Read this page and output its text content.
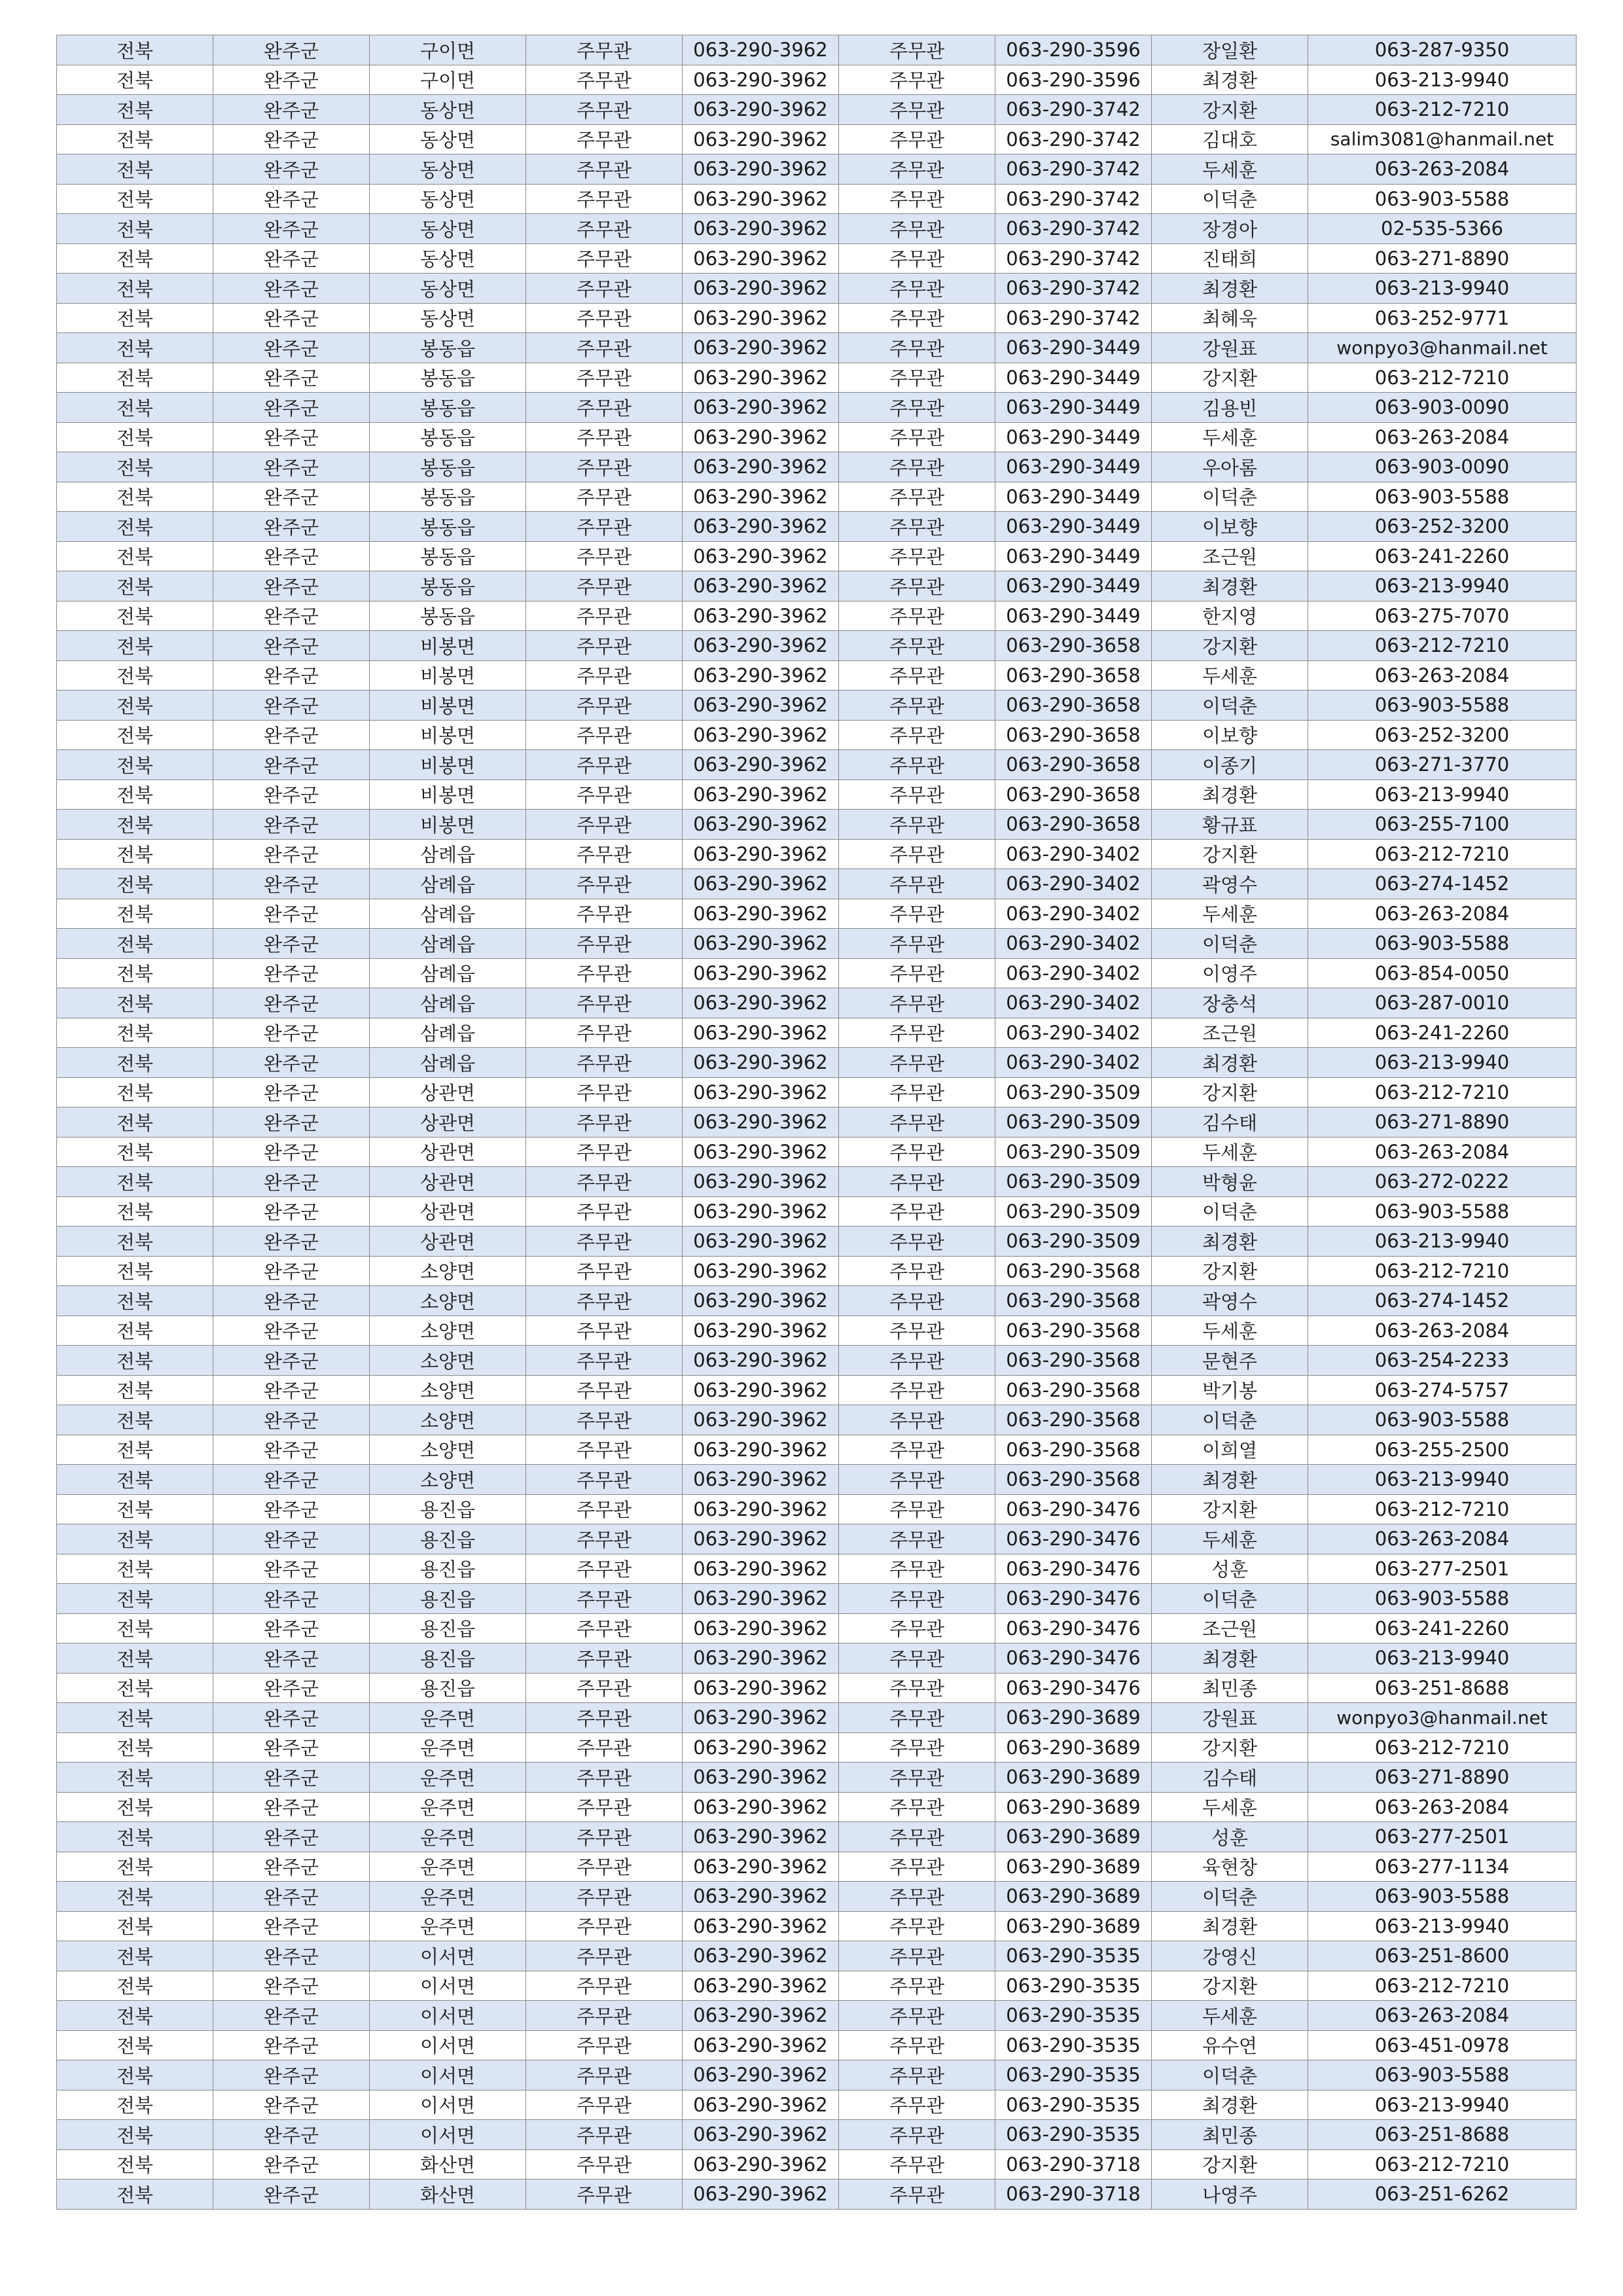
전북	완주군	구이면	주무관	063-290-3962	주무관	063-290-3596	장일환	063-287-9350
전북	완주군	구이면	주무관	063-290-3962	주무관	063-290-3596	최경환	063-213-9940
전북	완주군	동상면	주무관	063-290-3962	주무관	063-290-3742	강지환	063-212-7210
전북	완주군	동상면	주무관	063-290-3962	주무관	063-290-3742	김대호	salim3081@hanmail.net
전북	완주군	동상면	주무관	063-290-3962	주무관	063-290-3742	두세훈	063-263-2084
전북	완주군	동상면	주무관	063-290-3962	주무관	063-290-3742	이덕춘	063-903-5588
전북	완주군	동상면	주무관	063-290-3962	주무관	063-290-3742	장경아	02-535-5366
전북	완주군	동상면	주무관	063-290-3962	주무관	063-290-3742	진태희	063-271-8890
전북	완주군	동상면	주무관	063-290-3962	주무관	063-290-3742	최경환	063-213-9940
전북	완주군	동상면	주무관	063-290-3962	주무관	063-290-3742	최혜욱	063-252-9771
전북	완주군	봉동읍	주무관	063-290-3962	주무관	063-290-3449	강원표	wonpyo3@hanmail.net
전북	완주군	봉동읍	주무관	063-290-3962	주무관	063-290-3449	강지환	063-212-7210
전북	완주군	봉동읍	주무관	063-290-3962	주무관	063-290-3449	김용빈	063-903-0090
전북	완주군	봉동읍	주무관	063-290-3962	주무관	063-290-3449	두세훈	063-263-2084
전북	완주군	봉동읍	주무관	063-290-3962	주무관	063-290-3449	우아롬	063-903-0090
전북	완주군	봉동읍	주무관	063-290-3962	주무관	063-290-3449	이덕춘	063-903-5588
전북	완주군	봉동읍	주무관	063-290-3962	주무관	063-290-3449	이보향	063-252-3200
전북	완주군	봉동읍	주무관	063-290-3962	주무관	063-290-3449	조근원	063-241-2260
전북	완주군	봉동읍	주무관	063-290-3962	주무관	063-290-3449	최경환	063-213-9940
전북	완주군	봉동읍	주무관	063-290-3962	주무관	063-290-3449	한지영	063-275-7070
전북	완주군	비봉면	주무관	063-290-3962	주무관	063-290-3658	강지환	063-212-7210
전북	완주군	비봉면	주무관	063-290-3962	주무관	063-290-3658	두세훈	063-263-2084
전북	완주군	비봉면	주무관	063-290-3962	주무관	063-290-3658	이덕춘	063-903-5588
전북	완주군	비봉면	주무관	063-290-3962	주무관	063-290-3658	이보향	063-252-3200
전북	완주군	비봉면	주무관	063-290-3962	주무관	063-290-3658	이종기	063-271-3770
전북	완주군	비봉면	주무관	063-290-3962	주무관	063-290-3658	최경환	063-213-9940
전북	완주군	비봉면	주무관	063-290-3962	주무관	063-290-3658	황규표	063-255-7100
전북	완주군	삼례읍	주무관	063-290-3962	주무관	063-290-3402	강지환	063-212-7210
전북	완주군	삼례읍	주무관	063-290-3962	주무관	063-290-3402	곽영수	063-274-1452
전북	완주군	삼례읍	주무관	063-290-3962	주무관	063-290-3402	두세훈	063-263-2084
전북	완주군	삼례읍	주무관	063-290-3962	주무관	063-290-3402	이덕춘	063-903-5588
전북	완주군	삼례읍	주무관	063-290-3962	주무관	063-290-3402	이영주	063-854-0050
전북	완주군	삼례읍	주무관	063-290-3962	주무관	063-290-3402	장충석	063-287-0010
전북	완주군	삼례읍	주무관	063-290-3962	주무관	063-290-3402	조근원	063-241-2260
전북	완주군	삼례읍	주무관	063-290-3962	주무관	063-290-3402	최경환	063-213-9940
전북	완주군	상관면	주무관	063-290-3962	주무관	063-290-3509	강지환	063-212-7210
전북	완주군	상관면	주무관	063-290-3962	주무관	063-290-3509	김수태	063-271-8890
전북	완주군	상관면	주무관	063-290-3962	주무관	063-290-3509	두세훈	063-263-2084
전북	완주군	상관면	주무관	063-290-3962	주무관	063-290-3509	박형윤	063-272-0222
전북	완주군	상관면	주무관	063-290-3962	주무관	063-290-3509	이덕춘	063-903-5588
전북	완주군	상관면	주무관	063-290-3962	주무관	063-290-3509	최경환	063-213-9940
전북	완주군	소양면	주무관	063-290-3962	주무관	063-290-3568	강지환	063-212-7210
전북	완주군	소양면	주무관	063-290-3962	주무관	063-290-3568	곽영수	063-274-1452
전북	완주군	소양면	주무관	063-290-3962	주무관	063-290-3568	두세훈	063-263-2084
전북	완주군	소양면	주무관	063-290-3962	주무관	063-290-3568	문현주	063-254-2233
전북	완주군	소양면	주무관	063-290-3962	주무관	063-290-3568	박기봉	063-274-5757
전북	완주군	소양면	주무관	063-290-3962	주무관	063-290-3568	이덕춘	063-903-5588
전북	완주군	소양면	주무관	063-290-3962	주무관	063-290-3568	이희열	063-255-2500
전북	완주군	소양면	주무관	063-290-3962	주무관	063-290-3568	최경환	063-213-9940
전북	완주군	용진읍	주무관	063-290-3962	주무관	063-290-3476	강지환	063-212-7210
전북	완주군	용진읍	주무관	063-290-3962	주무관	063-290-3476	두세훈	063-263-2084
전북	완주군	용진읍	주무관	063-290-3962	주무관	063-290-3476	성훈	063-277-2501
전북	완주군	용진읍	주무관	063-290-3962	주무관	063-290-3476	이덕춘	063-903-5588
전북	완주군	용진읍	주무관	063-290-3962	주무관	063-290-3476	조근원	063-241-2260
전북	완주군	용진읍	주무관	063-290-3962	주무관	063-290-3476	최경환	063-213-9940
전북	완주군	용진읍	주무관	063-290-3962	주무관	063-290-3476	최민종	063-251-8688
전북	완주군	운주면	주무관	063-290-3962	주무관	063-290-3689	강원표	wonpyo3@hanmail.net
전북	완주군	운주면	주무관	063-290-3962	주무관	063-290-3689	강지환	063-212-7210
전북	완주군	운주면	주무관	063-290-3962	주무관	063-290-3689	김수태	063-271-8890
전북	완주군	운주면	주무관	063-290-3962	주무관	063-290-3689	두세훈	063-263-2084
전북	완주군	운주면	주무관	063-290-3962	주무관	063-290-3689	성훈	063-277-2501
전북	완주군	운주면	주무관	063-290-3962	주무관	063-290-3689	육현창	063-277-1134
전북	완주군	운주면	주무관	063-290-3962	주무관	063-290-3689	이덕춘	063-903-5588
전북	완주군	운주면	주무관	063-290-3962	주무관	063-290-3689	최경환	063-213-9940
전북	완주군	이서면	주무관	063-290-3962	주무관	063-290-3535	강영신	063-251-8600
전북	완주군	이서면	주무관	063-290-3962	주무관	063-290-3535	강지환	063-212-7210
전북	완주군	이서면	주무관	063-290-3962	주무관	063-290-3535	두세훈	063-263-2084
전북	완주군	이서면	주무관	063-290-3962	주무관	063-290-3535	유수연	063-451-0978
전북	완주군	이서면	주무관	063-290-3962	주무관	063-290-3535	이덕춘	063-903-5588
전북	완주군	이서면	주무관	063-290-3962	주무관	063-290-3535	최경환	063-213-9940
전북	완주군	이서면	주무관	063-290-3962	주무관	063-290-3535	최민종	063-251-8688
전북	완주군	화산면	주무관	063-290-3962	주무관	063-290-3718	강지환	063-212-7210
전북	완주군	화산면	주무관	063-290-3962	주무관	063-290-3718	나영주	063-251-6262
